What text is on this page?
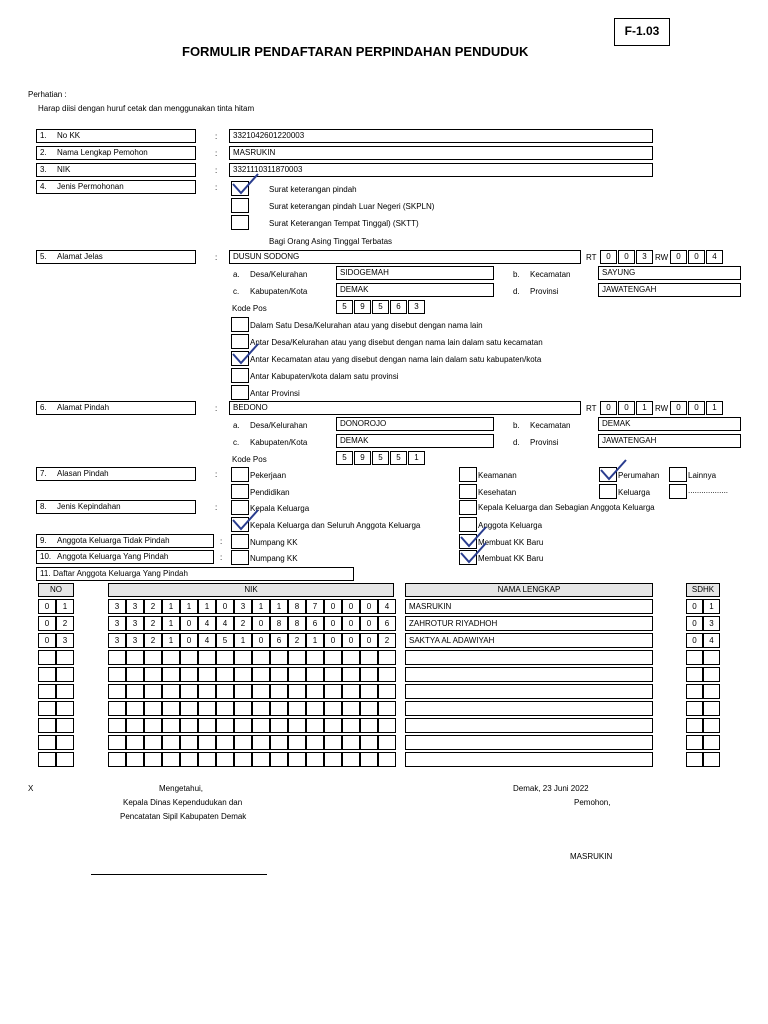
F-1.03
FORMULIR PENDAFTARAN PERPINDAHAN PENDUDUK
Perhatian :
Harap diisi dengan huruf cetak dan menggunakan tinta hitam
1. No KK	:	3321042601220003
2. Nama Lengkap Pemohon	:	MASRUKIN
3. NIK	:	3321110311870003
4. Jenis Permohonan	:	Surat keterangan pindah
Surat keterangan pindah Luar Negeri (SKPLN)
Surat Keterangan Tempat Tinggal) (SKTT)
Bagi Orang Asing Tinggal Terbatas
5. Alamat Jelas	:	DUSUN SODONG	RT	0	0	3	RW	0	0	4
a. Desa/Kelurahan	SIDOGEMAH	b. Kecamatan	SAYUNG
c. Kabupaten/Kota	DEMAK	d. Provinsi	JAWATENGAH
Kode Pos	5	9	5	6	3
Dalam Satu Desa/Kelurahan atau yang disebut dengan nama lain
Antar Desa/Kelurahan atau yang disebut dengan nama lain dalam satu kecamatan
Antar Kecamatan atau yang disebut dengan nama lain dalam satu kabupaten/kota
Antar Kabupaten/kota dalam satu provinsi
Antar Provinsi
6. Alamat Pindah	:	BEDONO	RT	0	0	1	RW	0	0	1
a. Desa/Kelurahan	DONOROJO	b. Kecamatan	DEMAK
c. Kabupaten/Kota	DEMAK	d. Provinsi	JAWATENGAH
Kode Pos	5	9	5	5	1
7. Alasan Pindah	:	Pekerjaan
Pendidikan
Keamanan
Kesehatan
Perumahan
Keluarga
Lainnya
..................
8. Jenis Kepindahan	:	Kepala Keluarga	Kepala Keluarga dan Sebagian Anggota Keluarga
Kepala Keluarga dan Seluruh Anggota Keluarga	Anggota Keluarga
9. Anggota Keluarga Tidak Pindah	:	Numpang KK	Membuat KK Baru
10. Anggota Keluarga Yang Pindah	:	Numpang KK	Membuat KK Baru
11. Daftar Anggota Keluarga Yang Pindah
NO	NIK	NAMA LENGKAP	SDHK
0	1	3	3	2	1	1	1	0	3	1	1	8	7	0	0	0	4	MASRUKIN	0	1
0	2	3	3	2	1	0	4	4	2	0	8	8	6	0	0	0	6	ZAHROTUR RIYADHOH	0	3
0	3	3	3	2	1	0	4	5	1	0	6	2	1	0	0	0	2	SAKTYA AL ADAWIYAH	0	4
X	Mengetahui,
Kepala Dinas Kependudukan dan
Pencatatan Sipil Kabupaten Demak
Demak, 23 Juni 2022
Pemohon,
MASRUKIN
